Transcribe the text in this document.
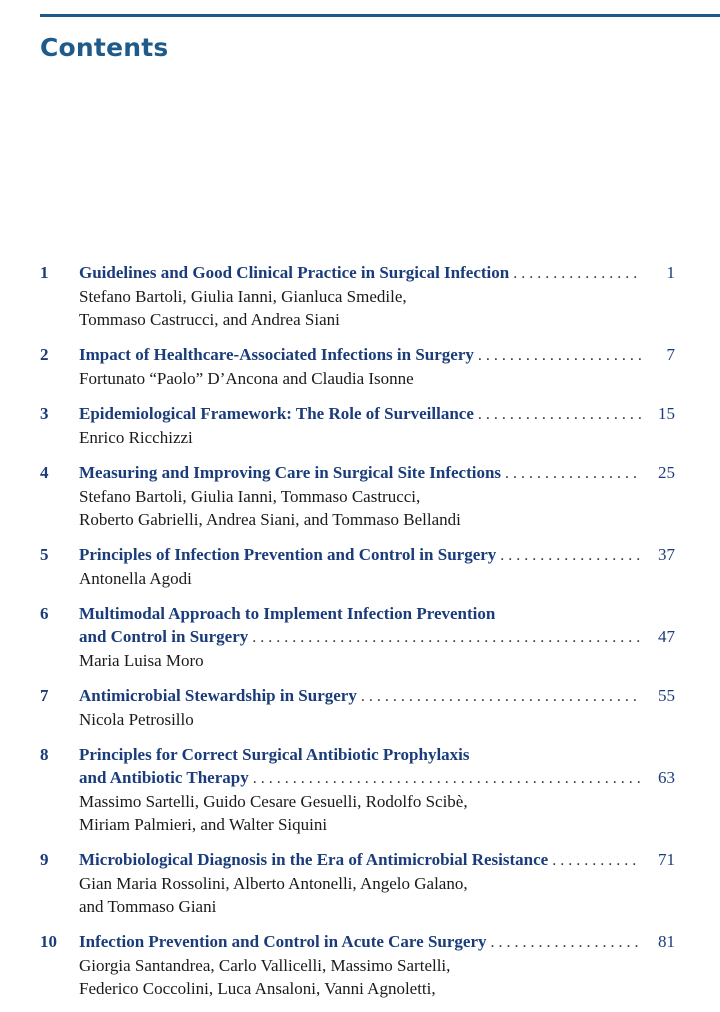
Contents
1	Guidelines and Good Clinical Practice in Surgical Infection . . .	1
Stefano Bartoli, Giulia Ianni, Gianluca Smedile,
Tommaso Castrucci, and Andrea Siani
2	Impact of Healthcare-Associated Infections in Surgery . . .	7
Fortunato “Paolo” D’Ancona and Claudia Isonne
3	Epidemiological Framework: The Role of Surveillance . . .	15
Enrico Ricchizzi
4	Measuring and Improving Care in Surgical Site Infections . . .	25
Stefano Bartoli, Giulia Ianni, Tommaso Castrucci,
Roberto Gabrielli, Andrea Siani, and Tommaso Bellandi
5	Principles of Infection Prevention and Control in Surgery . . .	37
Antonella Agodi
6	Multimodal Approach to Implement Infection Prevention
and Control in Surgery . . .	47
Maria Luisa Moro
7	Antimicrobial Stewardship in Surgery . . .	55
Nicola Petrosillo
8	Principles for Correct Surgical Antibiotic Prophylaxis
and Antibiotic Therapy . . .	63
Massimo Sartelli, Guido Cesare Gesuelli, Rodolfo Scibè,
Miriam Palmieri, and Walter Siquini
9	Microbiological Diagnosis in the Era of Antimicrobial Resistance . . .	71
Gian Maria Rossolini, Alberto Antonelli, Angelo Galano,
and Tommaso Giani
10	Infection Prevention and Control in Acute Care Surgery . . .	81
Giorgia Santandrea, Carlo Vallicelli, Massimo Sartelli,
Federico Coccolini, Luca Ansaloni, Vanni Agnoletti,
